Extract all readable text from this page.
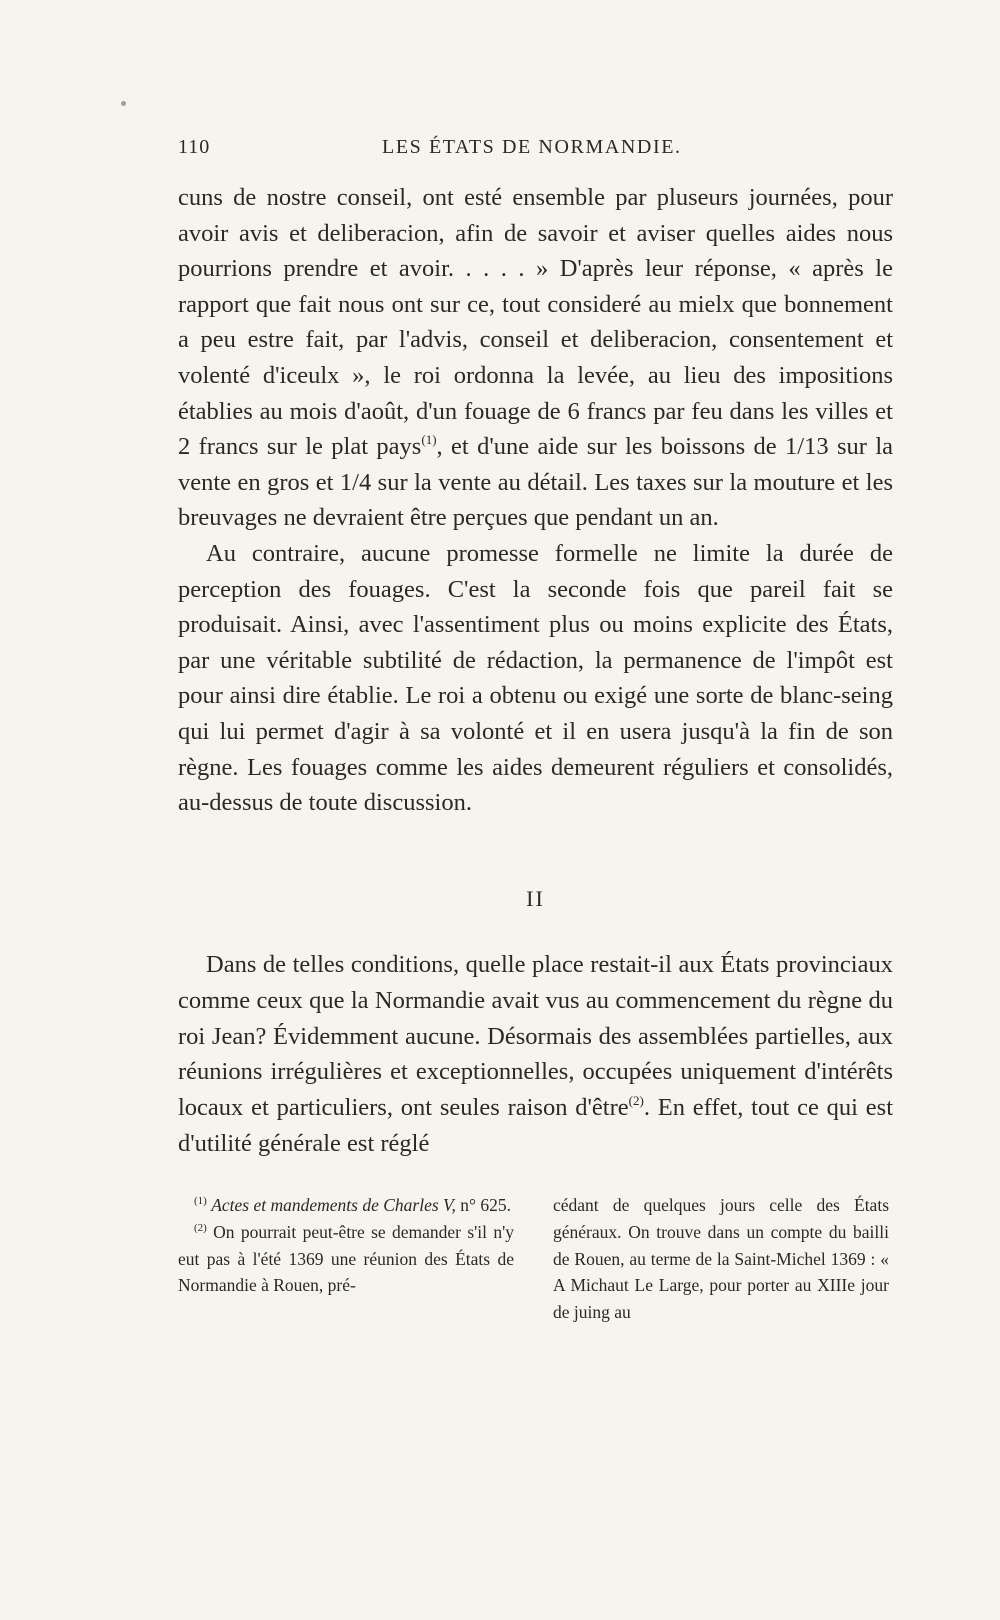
110	LES ÉTATS DE NORMANDIE.

cuns de nostre conseil, ont esté ensemble par pluseurs journées, pour avoir avis et deliberacion, afin de savoir et aviser quelles aides nous pourrions prendre et avoir. . . . . » D'après leur réponse, « après le rapport que fait nous ont sur ce, tout consideré au mielx que bonnement a peu estre fait, par l'advis, conseil et deliberacion, consentement et volenté d'iceulx », le roi ordonna la levée, au lieu des impositions établies au mois d'août, d'un fouage de 6 francs par feu dans les villes et 2 francs sur le plat pays$^{(1)}$, et d'une aide sur les boissons de 1/13 sur la vente en gros et 1/4 sur la vente au détail. Les taxes sur la mouture et les breuvages ne devraient être perçues que pendant un an.

Au contraire, aucune promesse formelle ne limite la durée de perception des fouages. C'est la seconde fois que pareil fait se produisait. Ainsi, avec l'assentiment plus ou moins explicite des États, par une véritable subtilité de rédaction, la permanence de l'impôt est pour ainsi dire établie. Le roi a obtenu ou exigé une sorte de blanc-seing qui lui permet d'agir à sa volonté et il en usera jusqu'à la fin de son règne. Les fouages comme les aides demeurent réguliers et consolidés, au-dessus de toute discussion.

II

Dans de telles conditions, quelle place restait-il aux États provinciaux comme ceux que la Normandie avait vus au commencement du règne du roi Jean? Évidemment aucune. Désormais des assemblées partielles, aux réunions irrégulières et exceptionnelles, occupées uniquement d'intérêts locaux et particuliers, ont seules raison d'être$^{(2)}$. En effet, tout ce qui est d'utilité générale est réglé

$^{(1)}$ Actes et mandements de Charles V, n° 625.

$^{(2)}$ On pourrait peut-être se demander s'il n'y eut pas à l'été 1369 une réunion des États de Normandie à Rouen, pré-

cédant de quelques jours celle des États généraux. On trouve dans un compte du bailli de Rouen, au terme de la Saint-Michel 1369 : « A Michaut Le Large, pour porter au XIIIe jour de juing au
